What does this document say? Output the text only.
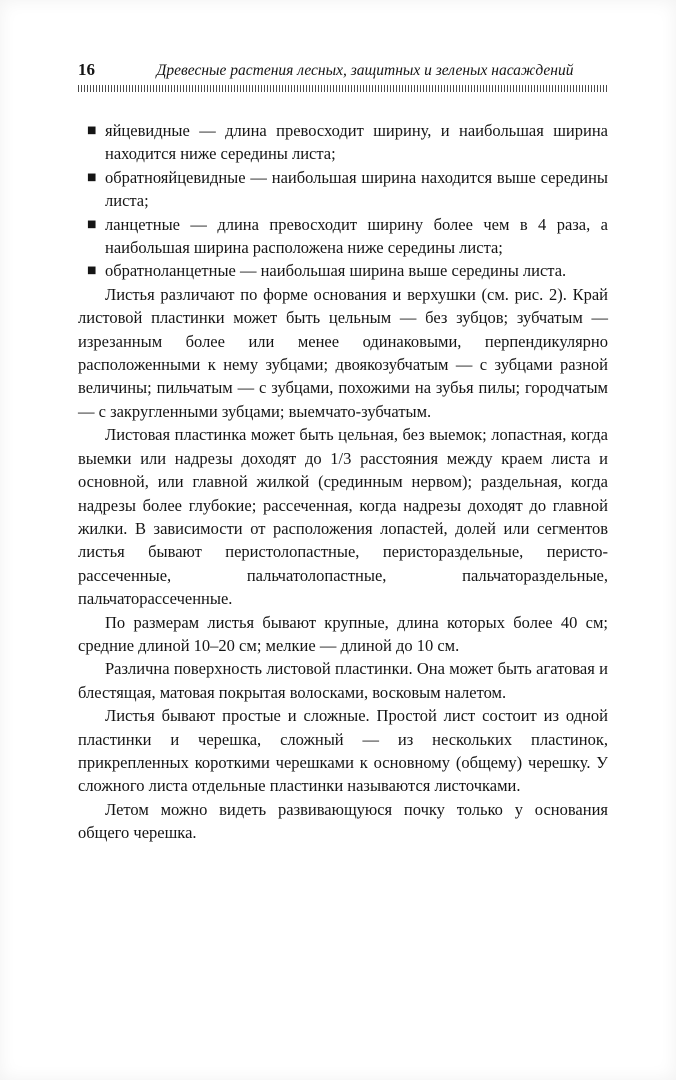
16	Древесные растения лесных, защитных и зеленых насаждений
■ яйцевидные — длина превосходит ширину, и наибольшая ширина находится ниже середины листа;
■ обратнояйцевидные — наибольшая ширина находится выше середины листа;
■ ланцетные — длина превосходит ширину более чем в 4 раза, а наибольшая ширина расположена ниже середины листа;
■ обратноланцетные — наибольшая ширина выше середины листа.

Листья различают по форме основания и верхушки (см. рис. 2). Край листовой пластинки может быть цельным — без зубцов; зубчатым — изрезанным более или менее одинаковыми, перпендикулярно расположенными к нему зубцами; двоякозубчатым — с зубцами разной величины; пильчатым — с зубцами, похожими на зубья пилы; городчатым — с закругленными зубцами; выемчато-зубчатым.

Листовая пластинка может быть цельная, без выемок; лопастная, когда выемки или надрезы доходят до 1/3 расстояния между краем листа и основной, или главной жилкой (срединным нервом); раздельная, когда надрезы более глубокие; рассеченная, когда надрезы доходят до главной жилки. В зависимости от расположения лопастей, долей или сегментов листья бывают перистолопастные, перистораздельные, перисто-рассеченные, пальчатолопастные, пальчатораздельные, пальчаторассеченные.

По размерам листья бывают крупные, длина которых более 40 см; средние длиной 10–20 см; мелкие — длиной до 10 см.

Различна поверхность листовой пластинки. Она может быть агатовая и блестящая, матовая покрытая волосками, восковым налетом.

Листья бывают простые и сложные. Простой лист состоит из одной пластинки и черешка, сложный — из нескольких пластинок, прикрепленных короткими черешками к основному (общему) черешку. У сложного листа отдельные пластинки называются листочками.

Летом можно видеть развивающуюся почку только у основания общего черешка.
